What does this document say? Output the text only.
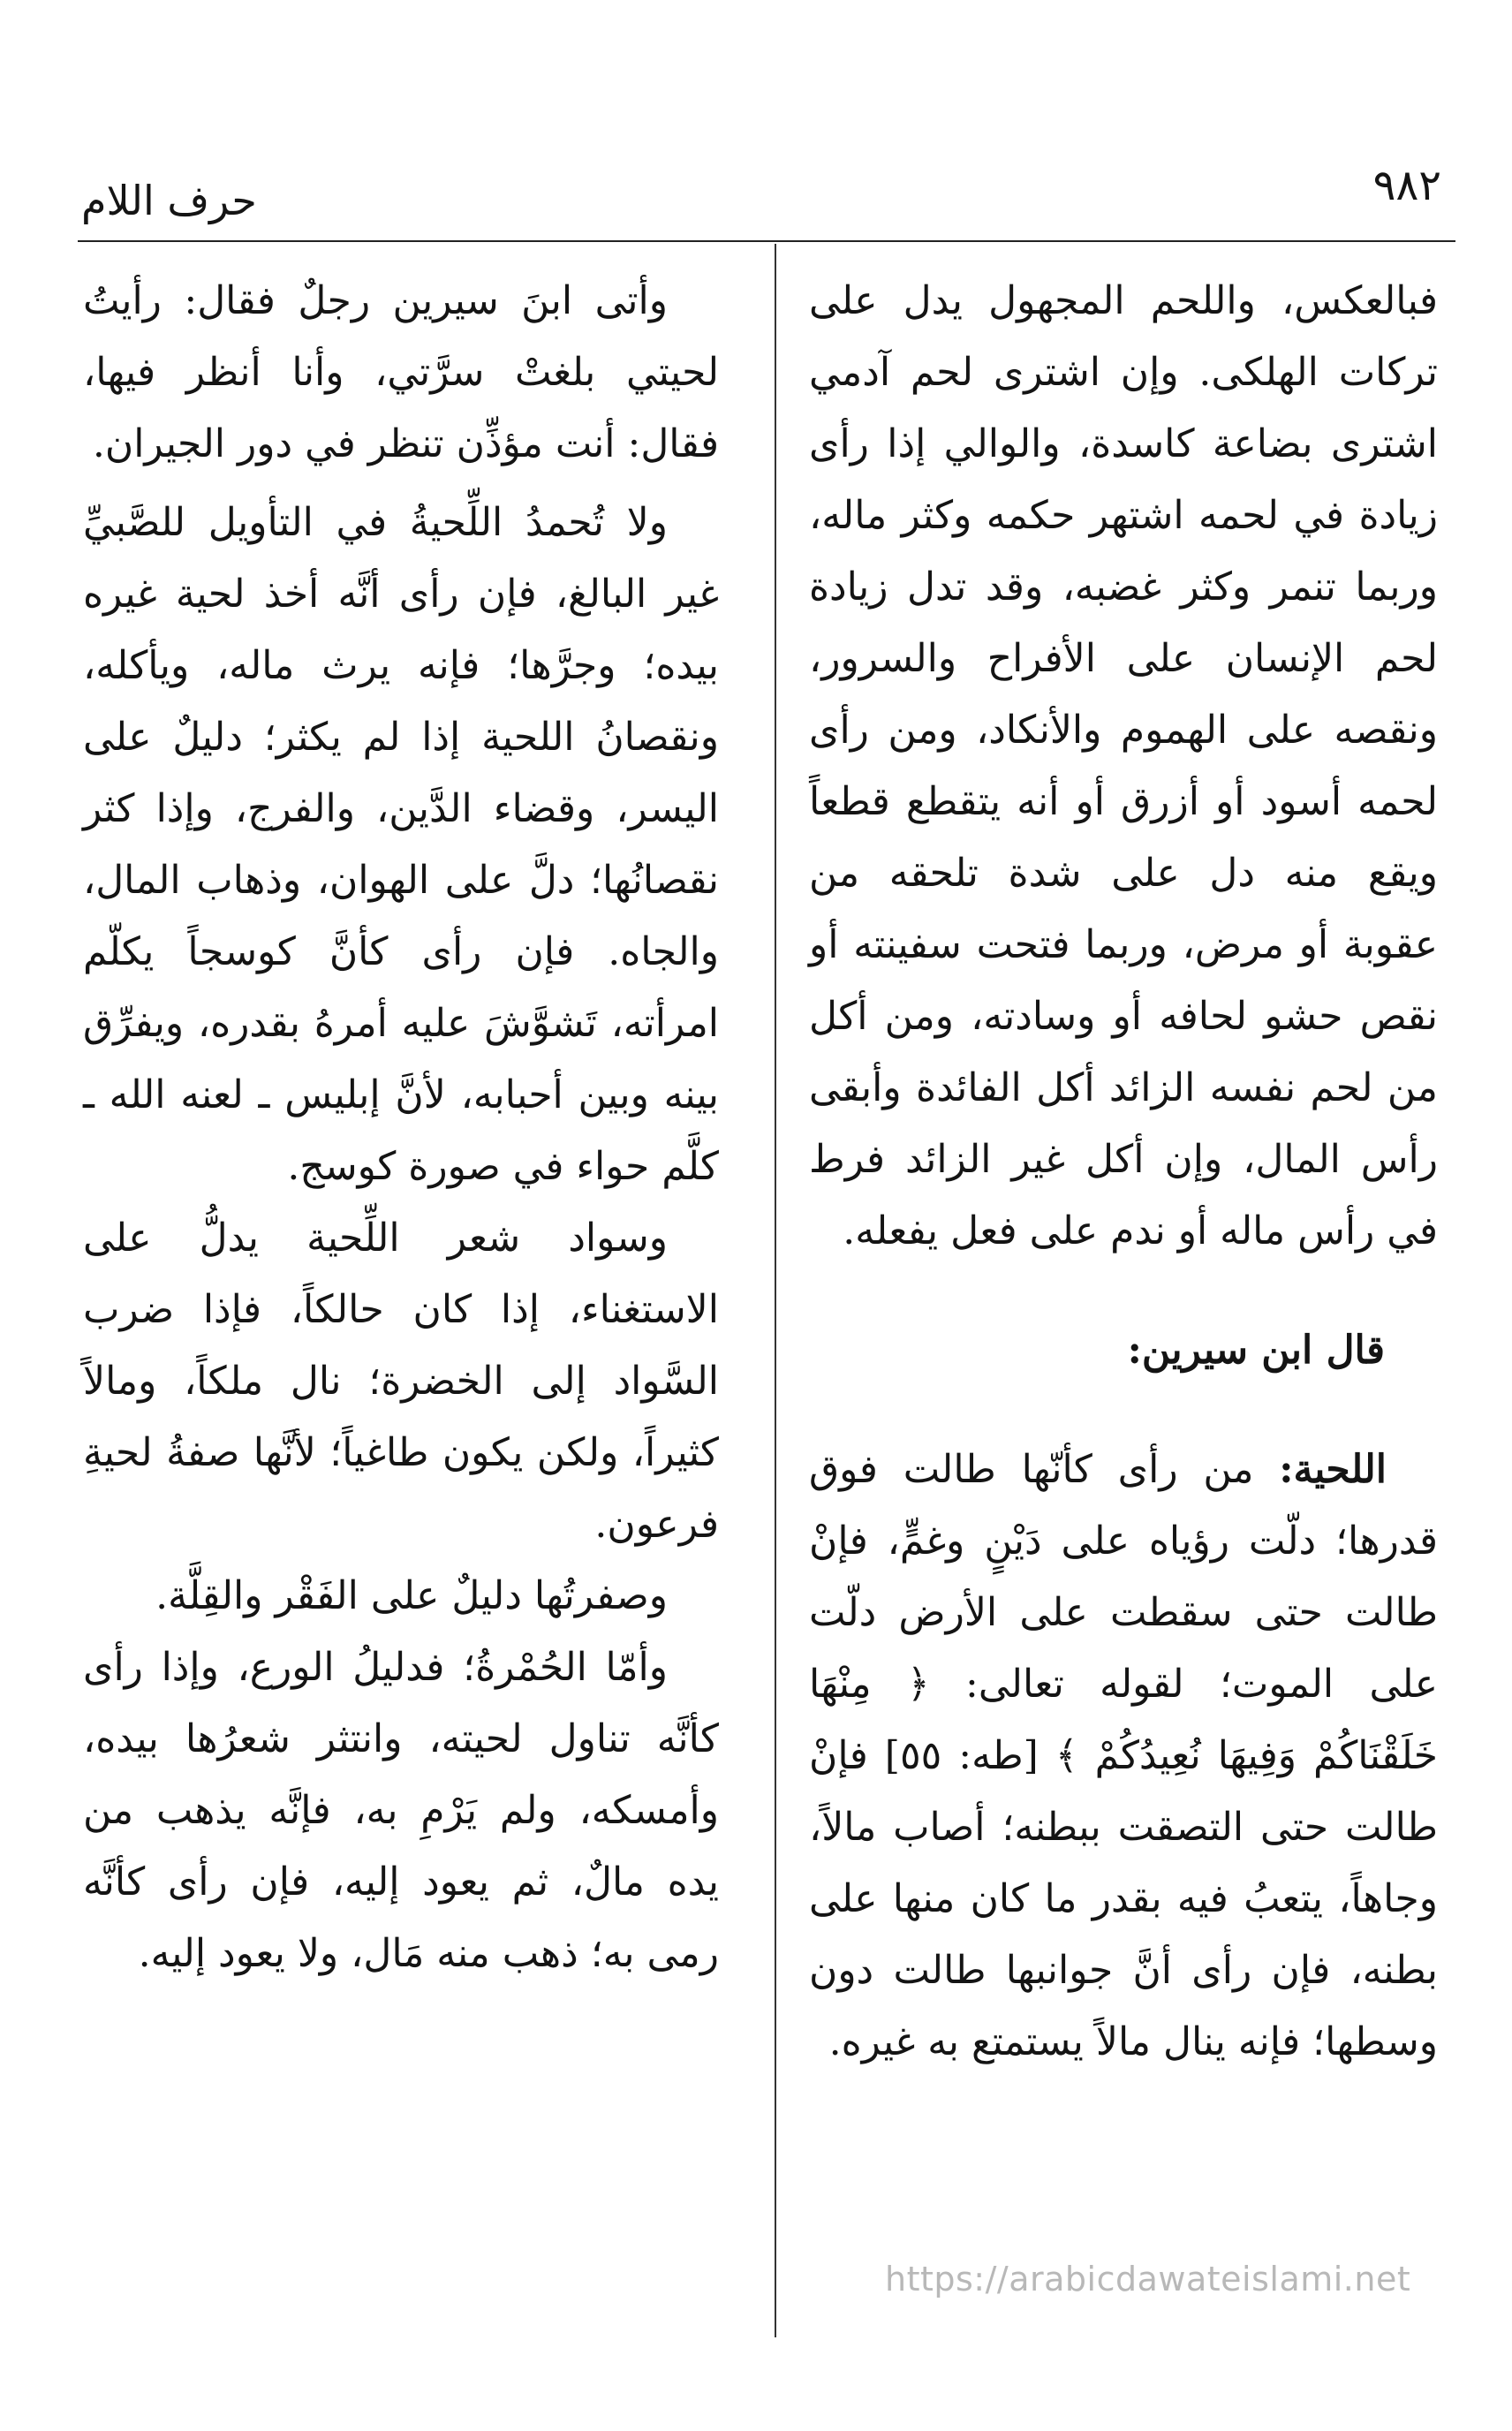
٩٨٢
حرف اللام

فبالعكس، واللحم المجهول يدل على تركات الهلكى. وإن اشترى لحم آدمي اشترى بضاعة كاسدة، والوالي إذا رأى زيادة في لحمه اشتهر حكمه وكثر ماله، وربما تنمر وكثر غضبه، وقد تدل زيادة لحم الإنسان على الأفراح والسرور، ونقصه على الهموم والأنكاد، ومن رأى لحمه أسود أو أزرق أو أنه يتقطع قطعاً ويقع منه دل على شدة تلحقه من عقوبة أو مرض، وربما فتحت سفينته أو نقص حشو لحافه أو وسادته، ومن أكل من لحم نفسه الزائد أكل الفائدة وأبقى رأس المال، وإن أكل غير الزائد فرط في رأس ماله أو ندم على فعل يفعله.

قال ابن سيرين:

اللحية: من رأى كأنّها طالت فوق قدرها؛ دلّت رؤياه على دَيْنٍ وغمٍّ، فإنْ طالت حتى سقطت على الأرض دلّت على الموت؛ لقوله تعالى: ﴿ مِنْهَا خَلَقْنَاكُمْ وَفِيهَا نُعِيدُكُمْ ﴾ [طه: ٥٥] فإنْ طالت حتى التصقت ببطنه؛ أصاب مالاً، وجاهاً، يتعبُ فيه بقدر ما كان منها على بطنه، فإن رأى أنَّ جوانبها طالت دون وسطها؛ فإنه ينال مالاً يستمتع به غيره.

وأتى ابنَ سيرين رجلٌ فقال: رأيتُ لحيتي بلغتْ سرَّتي، وأنا أنظر فيها، فقال: أنت مؤذِّن تنظر في دور الجيران.

ولا تُحمدُ اللِّحيةُ في التأويل للصَّبيِّ غير البالغ، فإن رأى أنَّه أخذ لحية غيره بيده؛ وجرَّها؛ فإنه يرث ماله، ويأكله، ونقصانُ اللحية إذا لم يكثر؛ دليلٌ على اليسر، وقضاء الدَّين، والفرج، وإذا كثر نقصانُها؛ دلَّ على الهوان، وذهاب المال، والجاه. فإن رأى كأنَّ كوسجاً يكلّم امرأته، تَشوَّشَ عليه أمرهُ بقدره، ويفرِّق بينه وبين أحبابه، لأنَّ إبليس ـ لعنه الله ـ كلَّم حواء في صورة كوسج.

وسواد شعر اللِّحية يدلُّ على الاستغناء، إذا كان حالكاً، فإذا ضرب السَّواد إلى الخضرة؛ نال ملكاً، ومالاً كثيراً، ولكن يكون طاغياً؛ لأنَّها صفةُ لحيةِ فرعون.

وصفرتُها دليلٌ على الفَقْر والقِلَّة.

وأمّا الحُمْرةُ؛ فدليلُ الورع، وإذا رأى كأنَّه تناول لحيته، وانتثر شعرُها بيده، وأمسكه، ولم يَرْمِ به، فإنَّه يذهب من يده مالٌ، ثم يعود إليه، فإن رأى كأنَّه رمى به؛ ذهب منه مَال، ولا يعود إليه.

https://arabicdawateislami.net
